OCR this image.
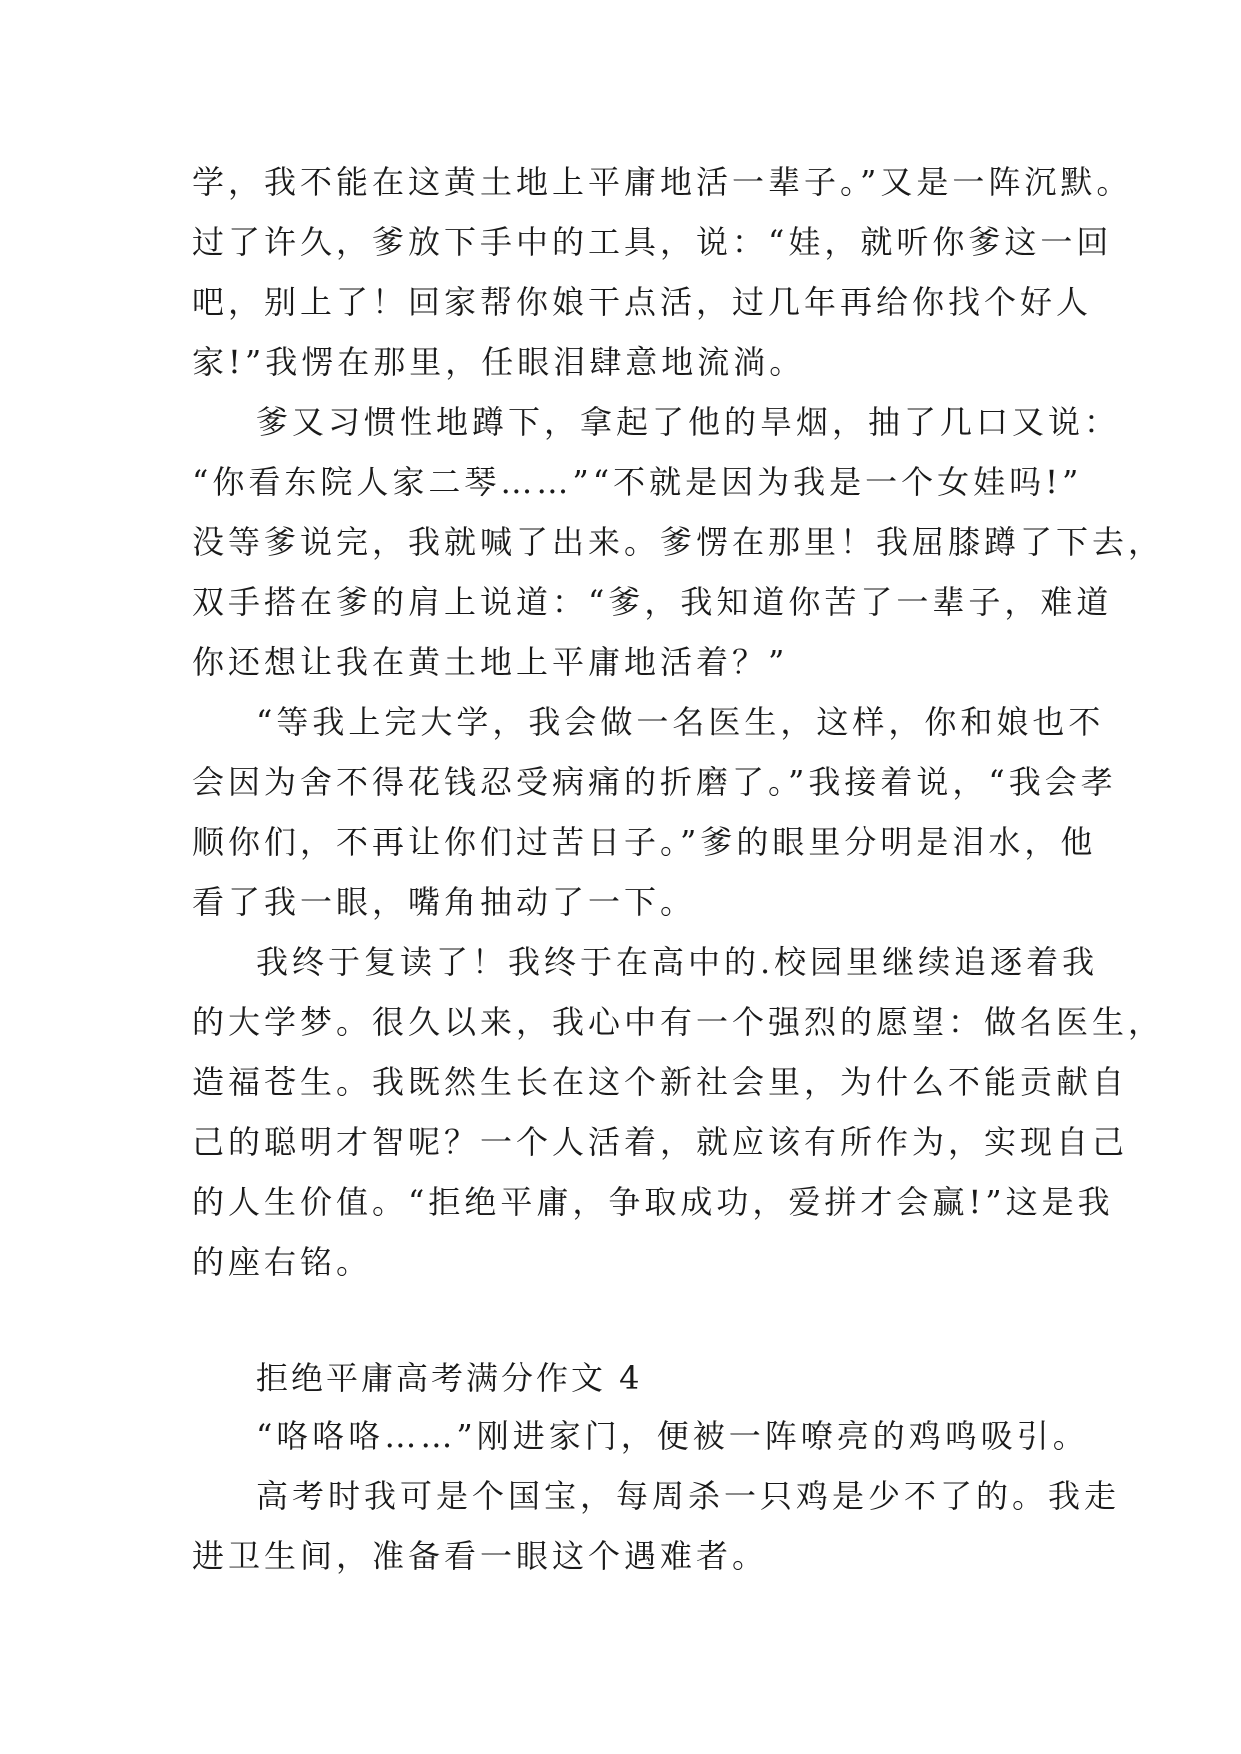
学，我不能在这黄土地上平庸地活一辈子。”又是一阵沉默。
过了许久，爹放下手中的工具，说：“娃，就听你爹这一回
吧，别上了！回家帮你娘干点活，过几年再给你找个好人
家!”我愣在那里，任眼泪肆意地流淌。
爹又习惯性地蹲下，拿起了他的旱烟，抽了几口又说：
“你看东院人家二琴……”“不就是因为我是一个女娃吗!”
没等爹说完，我就喊了出来。爹愣在那里！我屈膝蹲了下去，
双手搭在爹的肩上说道：“爹，我知道你苦了一辈子，难道
你还想让我在黄土地上平庸地活着？”
“等我上完大学，我会做一名医生，这样，你和娘也不
会因为舍不得花钱忍受病痛的折磨了。”我接着说，“我会孝
顺你们，不再让你们过苦日子。”爹的眼里分明是泪水，他
看了我一眼，嘴角抽动了一下。
我终于复读了！我终于在高中的.校园里继续追逐着我
的大学梦。很久以来，我心中有一个强烈的愿望：做名医生，
造福苍生。我既然生长在这个新社会里，为什么不能贡献自
己的聪明才智呢？一个人活着，就应该有所作为，实现自己
的人生价值。“拒绝平庸，争取成功，爱拼才会赢!”这是我
的座右铭。
拒绝平庸高考满分作文 4
“咯咯咯……”刚进家门，便被一阵嘹亮的鸡鸣吸引。
高考时我可是个国宝，每周杀一只鸡是少不了的。我走
进卫生间，准备看一眼这个遇难者。
